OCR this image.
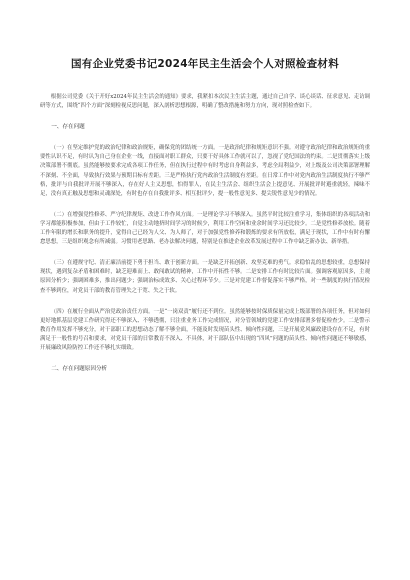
国有企业党委书记2024年民主生活会个人对照检查材料

根据公司党委《关于开好x2024年民主生活会的通知》要求，我紧扣本次民主生活主题，通过自己自学、谈心谈话、征求意见、走访调研等方式，围绕“四个方面”深刻检视反思问题，深入剖析思想根源，明确了整改措施和努力方向，现对照检查如下。

一、存在问题

（一）在坚定维护党的政治纪律和政治规矩，确保党的团结统一方面。一是政治纪律和规矩意识不强。对遵守政治纪律和政治规矩的重要性认识不足，有时认为自己身在企业一线，直接面对职工群众，只要干好具体工作就可以了，忽视了党纪国法的约束。二是贯彻落实上级决策部署不彻底。虽然能够按要求完成各项工作任务，但在执行过程中有时考虑自身利益多，考虑全局利益少，对上级及公司决策部署理解不深刻、不全面，导致执行效果与预期目标有差距。三是严格执行党内政治生活制度有差距。在日常工作中对党内政治生活制度执行不够严格，批评与自我批评开展不够深入，存在好人主义思想，怕得罪人，在民主生活会、组织生活会上提意见、开展批评时避重就轻，辣味不足，没有真正触及思想和灵魂深处，有时也存在自我批评多、相互批评少，提一般性意见多、提尖锐性意见少的情况。

（二）在增强党性修养、严守纪律规矩、改进工作作风方面。一是理论学习不够深入。虽然平时比较注重学习，集体组织的各项活动和学习都能积极参加，但由于工作较忙，自觉主动地挤时间学习的时候少，利用工作空闲和业余时间学习还比较少。二是党性修养放松。随着工作年限的增长和职务的提升，觉得自己已经为人父、为人师了，对于加强党性修养和锻炼的要求有所放松，满足于现状，工作中有时有懈怠思想，三是组织观念有所减弱。习惯用老思路、老办法解决问题，特别是在推进企业改革发展过程中工作中缺乏新办法、新举措。

（三）在遵规守纪、清正廉洁前提下勇于担当、敢于创新方面。一是缺乏开拓创新、攻坚克难的勇气。求稳怕乱的思想较重，总想保持现状，遇到复杂矛盾和困难时，缺乏迎难而上、敢闯敢试的精神，工作中开拓性不够。二是安排工作有时比较片面。强调客观原因多，主观原因分析少；强调困难多，推出问题少；强调治标成效多、关心过程环节少。三是对党建工作督促落实不够严格，对一些制度的执行情况检查不够到位，对党员干部的教育管理失之于宽、失之于软。

（四）在履行全面从严治党政治责任方面。一是“一岗双责”履行还不到位。虽然能够按时保质保量完成上级部署的各项任务，但对如何更好地抓基层党建工作研究得还不够深入、不够透彻，只注重业务工作完成情况，对分管领域的党建工作安排部署多督促检查少。二是警示教育作用发挥不够充分，对干部职工的思想动态了解不够全面，不能及时发现苗头性、倾向性问题，三是开展党风廉政建设存在不足，有时满足于一般性的号召和要求，对党员干部的日常教育不深入、不具体，对干部队伍中出现的“四风”问题的苗头性、倾向性问题还不够敏感，开展廉政风险防控工作还不够扎实细致。

二、存在问题原因分析
